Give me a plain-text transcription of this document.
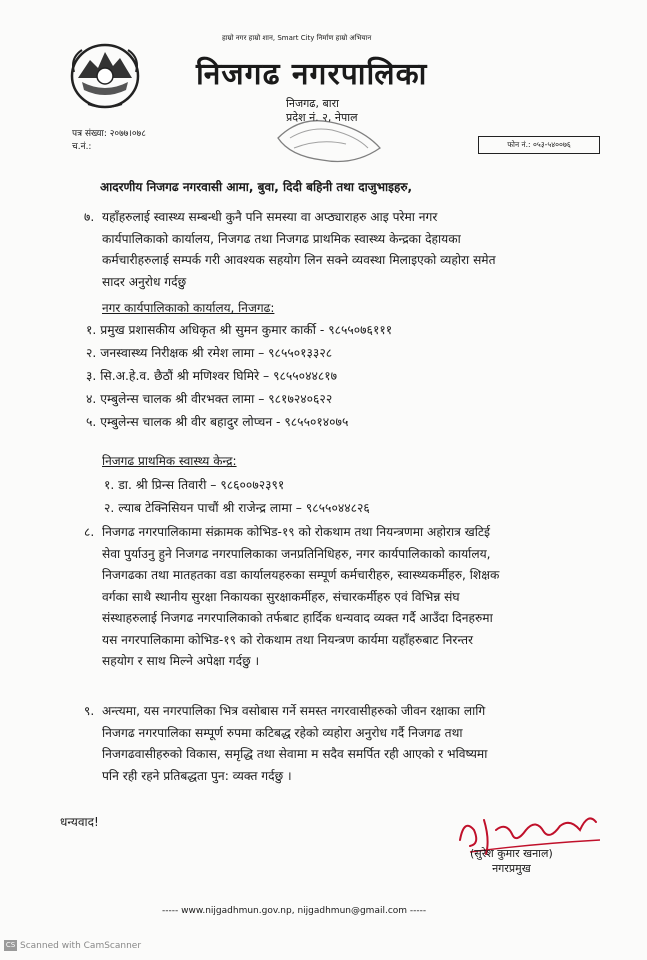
हाम्रो नगर हाम्रो शान, Smart City निर्माण हाम्रो अभियान
निजगढ नगरपालिका
निजगढ, बारा
प्रदेश नं. २, नेपाल
पत्र संख्या: २०७७।०७८
च.नं.:	फोन नं.: ०५३-५४००७६
आदरणीय निजगढ नगरवासी आमा, बुवा, दिदी बहिनी तथा दाजुभाइहरु,
७. यहाँहरुलाई स्वास्थ्य सम्बन्धी कुनै पनि समस्या वा अप्ठ्याराहरु आइ परेमा नगर
कार्यपालिकाको कार्यालय, निजगढ तथा निजगढ प्राथमिक स्वास्थ्य केन्द्रका देहायका
कर्मचारीहरुलाई सम्पर्क गरी आवश्यक सहयोग लिन सक्ने व्यवस्था मिलाइएको व्यहोरा समेत
सादर अनुरोध गर्दछु
नगर कार्यपालिकाको कार्यालय, निजगढ:
१. प्रमुख प्रशासकीय अधिकृत श्री सुमन कुमार कार्की - ९८५५०७६१११
२. जनस्वास्थ्य निरीक्षक श्री रमेश लामा – ९८५५०१३३२८
३. सि.अ.हे.व. छैठौं श्री मणिश्वर घिमिरे – ९८५५०४४८१७
४. एम्बुलेन्स चालक श्री वीरभक्त लामा – ९८१७२४०६२२
५. एम्बुलेन्स चालक श्री वीर बहादुर लोप्चन - ९८५५०१४०७५
निजगढ प्राथमिक स्वास्थ्य केन्द्र:
१. डा. श्री प्रिन्स तिवारी – ९८६००७२३९१
२. ल्याब टेक्निसियन पाचौं श्री राजेन्द्र लामा – ९८५५०४४८२६
८. निजगढ नगरपालिकामा संक्रामक कोभिड-१९ को रोकथाम तथा नियन्त्रणमा अहोरात्र खटिई
सेवा पुर्याउनु हुने निजगढ नगरपालिकाका जनप्रतिनिधिहरु, नगर कार्यपालिकाको कार्यालय,
निजगढका तथा मातहतका वडा कार्यालयहरुका सम्पूर्ण कर्मचारीहरु, स्वास्थ्यकर्मीहरु, शिक्षक
वर्गका साथै स्थानीय सुरक्षा निकायका सुरक्षाकर्मीहरु, संचारकर्मीहरु एवं विभिन्न संघ
संस्थाहरुलाई निजगढ नगरपालिकाको तर्फबाट हार्दिक धन्यवाद व्यक्त गर्दै आउँदा दिनहरुमा
यस नगरपालिकामा कोभिड-१९ को रोकथाम तथा नियन्त्रण कार्यमा यहाँहरुबाट निरन्तर
सहयोग र साथ मिल्ने अपेक्षा गर्दछु ।
९. अन्त्यमा, यस नगरपालिका भित्र वसोबास गर्ने समस्त नगरवासीहरुको जीवन रक्षाका लागि
निजगढ नगरपालिका सम्पूर्ण रुपमा कटिबद्ध रहेको व्यहोरा अनुरोध गर्दै निजगढ तथा
निजगढवासीहरुको विकास, समृद्धि तथा सेवामा म सदैव समर्पित रही आएको र भविष्यमा
पनि रही रहने प्रतिबद्धता पुन: व्यक्त गर्दछु ।
धन्यवाद!
(सुरेश कुमार खनाल)
नगरप्रमुख
----- www.nijgadhmun.gov.np, nijgadhmun@gmail.com -----
CS Scanned with CamScanner
